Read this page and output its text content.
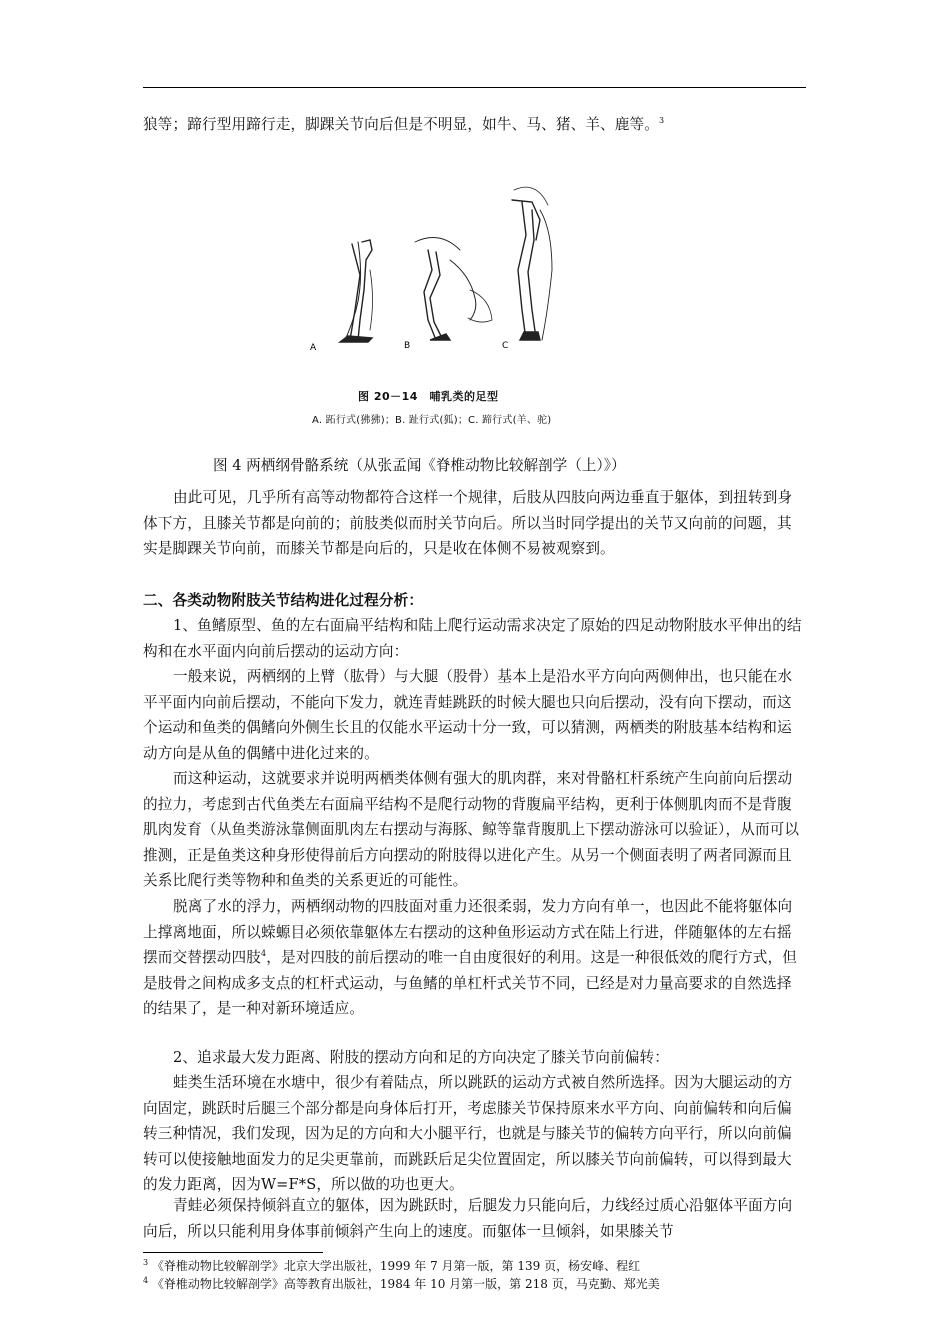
狼等；蹄行型用蹄行走，脚踝关节向后但是不明显，如牛、马、猪、羊、鹿等。$^3$
A	B	C
图 20－14　哺乳类的足型
A. 跖行式(狒狒)；B. 趾行式(狐)；C. 蹄行式(羊、驼)
图 4 两栖纲骨骼系统（从张孟闻《脊椎动物比较解剖学（上）》）
由此可见，几乎所有高等动物都符合这样一个规律，后肢从四肢向两边垂直于躯体，到扭转到身体下方，且膝关节都是向前的；前肢类似而肘关节向后。所以当时同学提出的关节又向前的问题，其实是脚踝关节向前，而膝关节都是向后的，只是收在体侧不易被观察到。
二、各类动物附肢关节结构进化过程分析：
1、鱼鳍原型、鱼的左右面扁平结构和陆上爬行运动需求决定了原始的四足动物附肢水平伸出的结构和在水平面内向前后摆动的运动方向：
一般来说，两栖纲的上臂（肱骨）与大腿（股骨）基本上是沿水平方向向两侧伸出，也只能在水平平面内向前后摆动，不能向下发力，就连青蛙跳跃的时候大腿也只向后摆动，没有向下摆动，而这个运动和鱼类的偶鳍向外侧生长且的仅能水平运动十分一致，可以猜测，两栖类的附肢基本结构和运动方向是从鱼的偶鳍中进化过来的。
而这种运动，这就要求并说明两栖类体侧有强大的肌肉群，来对骨骼杠杆系统产生向前向后摆动的拉力，考虑到古代鱼类左右面扁平结构不是爬行动物的背腹扁平结构，更利于体侧肌肉而不是背腹肌肉发育（从鱼类游泳靠侧面肌肉左右摆动与海豚、鲸等靠背腹肌上下摆动游泳可以验证），从而可以推测，正是鱼类这种身形使得前后方向摆动的附肢得以进化产生。从另一个侧面表明了两者同源而且关系比爬行类等物种和鱼类的关系更近的可能性。
脱离了水的浮力，两栖纲动物的四肢面对重力还很柔弱，发力方向有单一，也因此不能将躯体向上撑离地面，所以蝾螈目必须依靠躯体左右摆动的这种鱼形运动方式在陆上行进，伴随躯体的左右摇摆而交替摆动四肢$^4$，是对四肢的前后摆动的唯一自由度很好的利用。这是一种很低效的爬行方式，但是肢骨之间构成多支点的杠杆式运动，与鱼鳍的单杠杆式关节不同，已经是对力量高要求的自然选择的结果了，是一种对新环境适应。
2、追求最大发力距离、附肢的摆动方向和足的方向决定了膝关节向前偏转：
蛙类生活环境在水塘中，很少有着陆点，所以跳跃的运动方式被自然所选择。因为大腿运动的方向固定，跳跃时后腿三个部分都是向身体后打开，考虑膝关节保持原来水平方向、向前偏转和向后偏转三种情况，我们发现，因为足的方向和大小腿平行，也就是与膝关节的偏转方向平行，所以向前偏转可以使接触地面发力的足尖更靠前，而跳跃后足尖位置固定，所以膝关节向前偏转，可以得到最大的发力距离，因为W=F*S，所以做的功也更大。
青蛙必须保持倾斜直立的躯体，因为跳跃时，后腿发力只能向后，力线经过质心沿躯体平面方向向后，所以只能利用身体事前倾斜产生向上的速度。而躯体一旦倾斜，如果膝关节
$^3$ 《脊椎动物比较解剖学》北京大学出版社，1999 年 7 月第一版，第 139 页，杨安峰、程红
$^4$ 《脊椎动物比较解剖学》高等教育出版社，1984 年 10 月第一版，第 218 页，马克勤、郑光美
